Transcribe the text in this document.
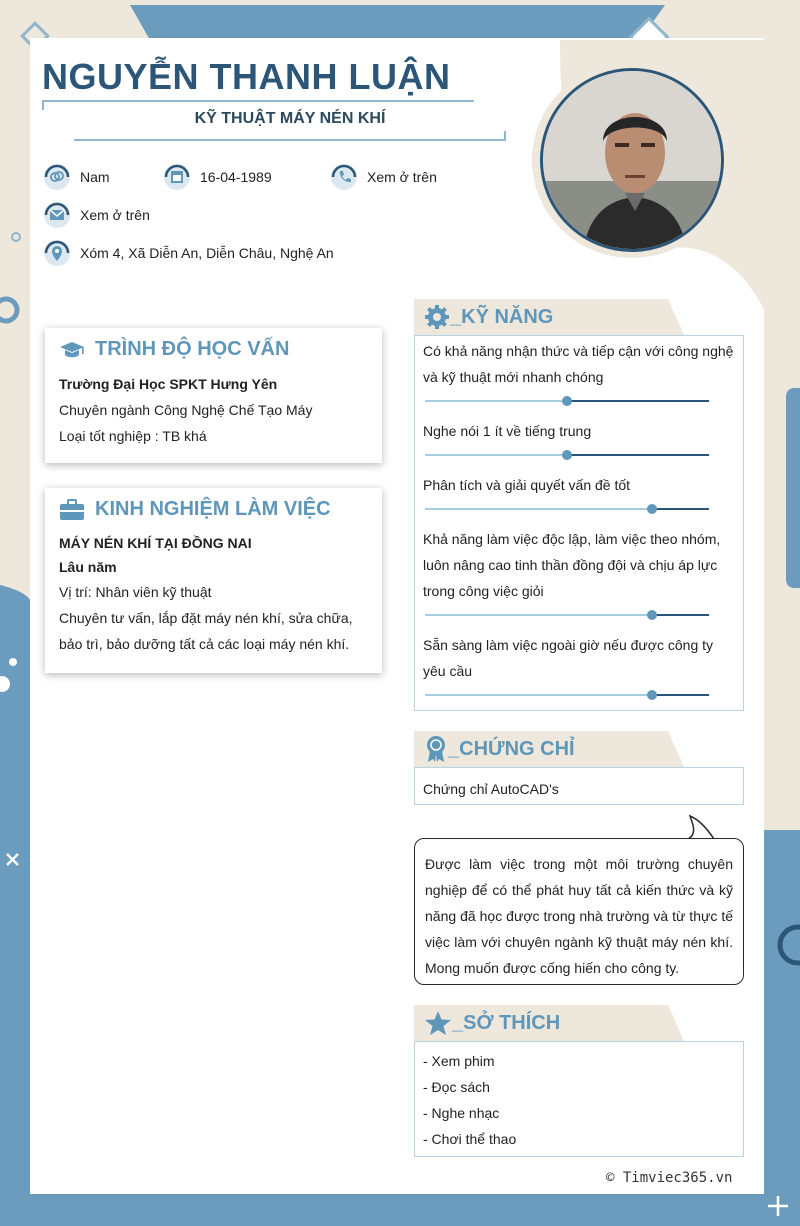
NGUYỄN THANH LUẬN
KỸ THUẬT MÁY NÉN KHÍ
Nam	16-04-1989	Xem ở trên
Xem ở trên
Xóm 4, Xã Diễn An, Diễn Châu, Nghệ An
TRÌNH ĐỘ HỌC VẤN

Trường Đại Học SPKT Hưng Yên

Chuyên ngành Công Nghệ Chế Tạo Máy

Loại tốt nghiệp : TB khá

KINH NGHIỆM LÀM VIỆC

MÁY NÉN KHÍ TẠI ĐỒNG NAI

Lâu năm

Vị trí: Nhân viên kỹ thuật

Chuyên tư vấn, lắp đặt máy nén khí, sửa chữa, bảo trì, bảo dưỡng tất cả các loại máy nén khí.

_KỸ NĂNG
Có khả năng nhận thức và tiếp cận với công nghệ và kỹ thuật mới nhanh chóng
Nghe nói 1 ít về tiếng trung
Phân tích và giải quyết vấn đề tốt
Khả năng làm việc độc lập, làm việc theo nhóm, luôn nâng cao tinh thần đồng đội và chịu áp lực trong công việc giỏi
Sẵn sàng làm việc ngoài giờ nếu được công ty yêu cầu
_CHỨNG CHỈ
Chứng chỉ AutoCAD's
Được làm việc trong một môi trường chuyên nghiệp để có thể phát huy tất cả kiến thức và kỹ năng đã học được trong nhà trường và từ thực tế việc làm với chuyên ngành kỹ thuật máy nén khí. Mong muốn được cống hiến cho công ty.
_SỞ THÍCH
- Xem phim
- Đọc sách
- Nghe nhạc
- Chơi thể thao
© Timviec365.vn
